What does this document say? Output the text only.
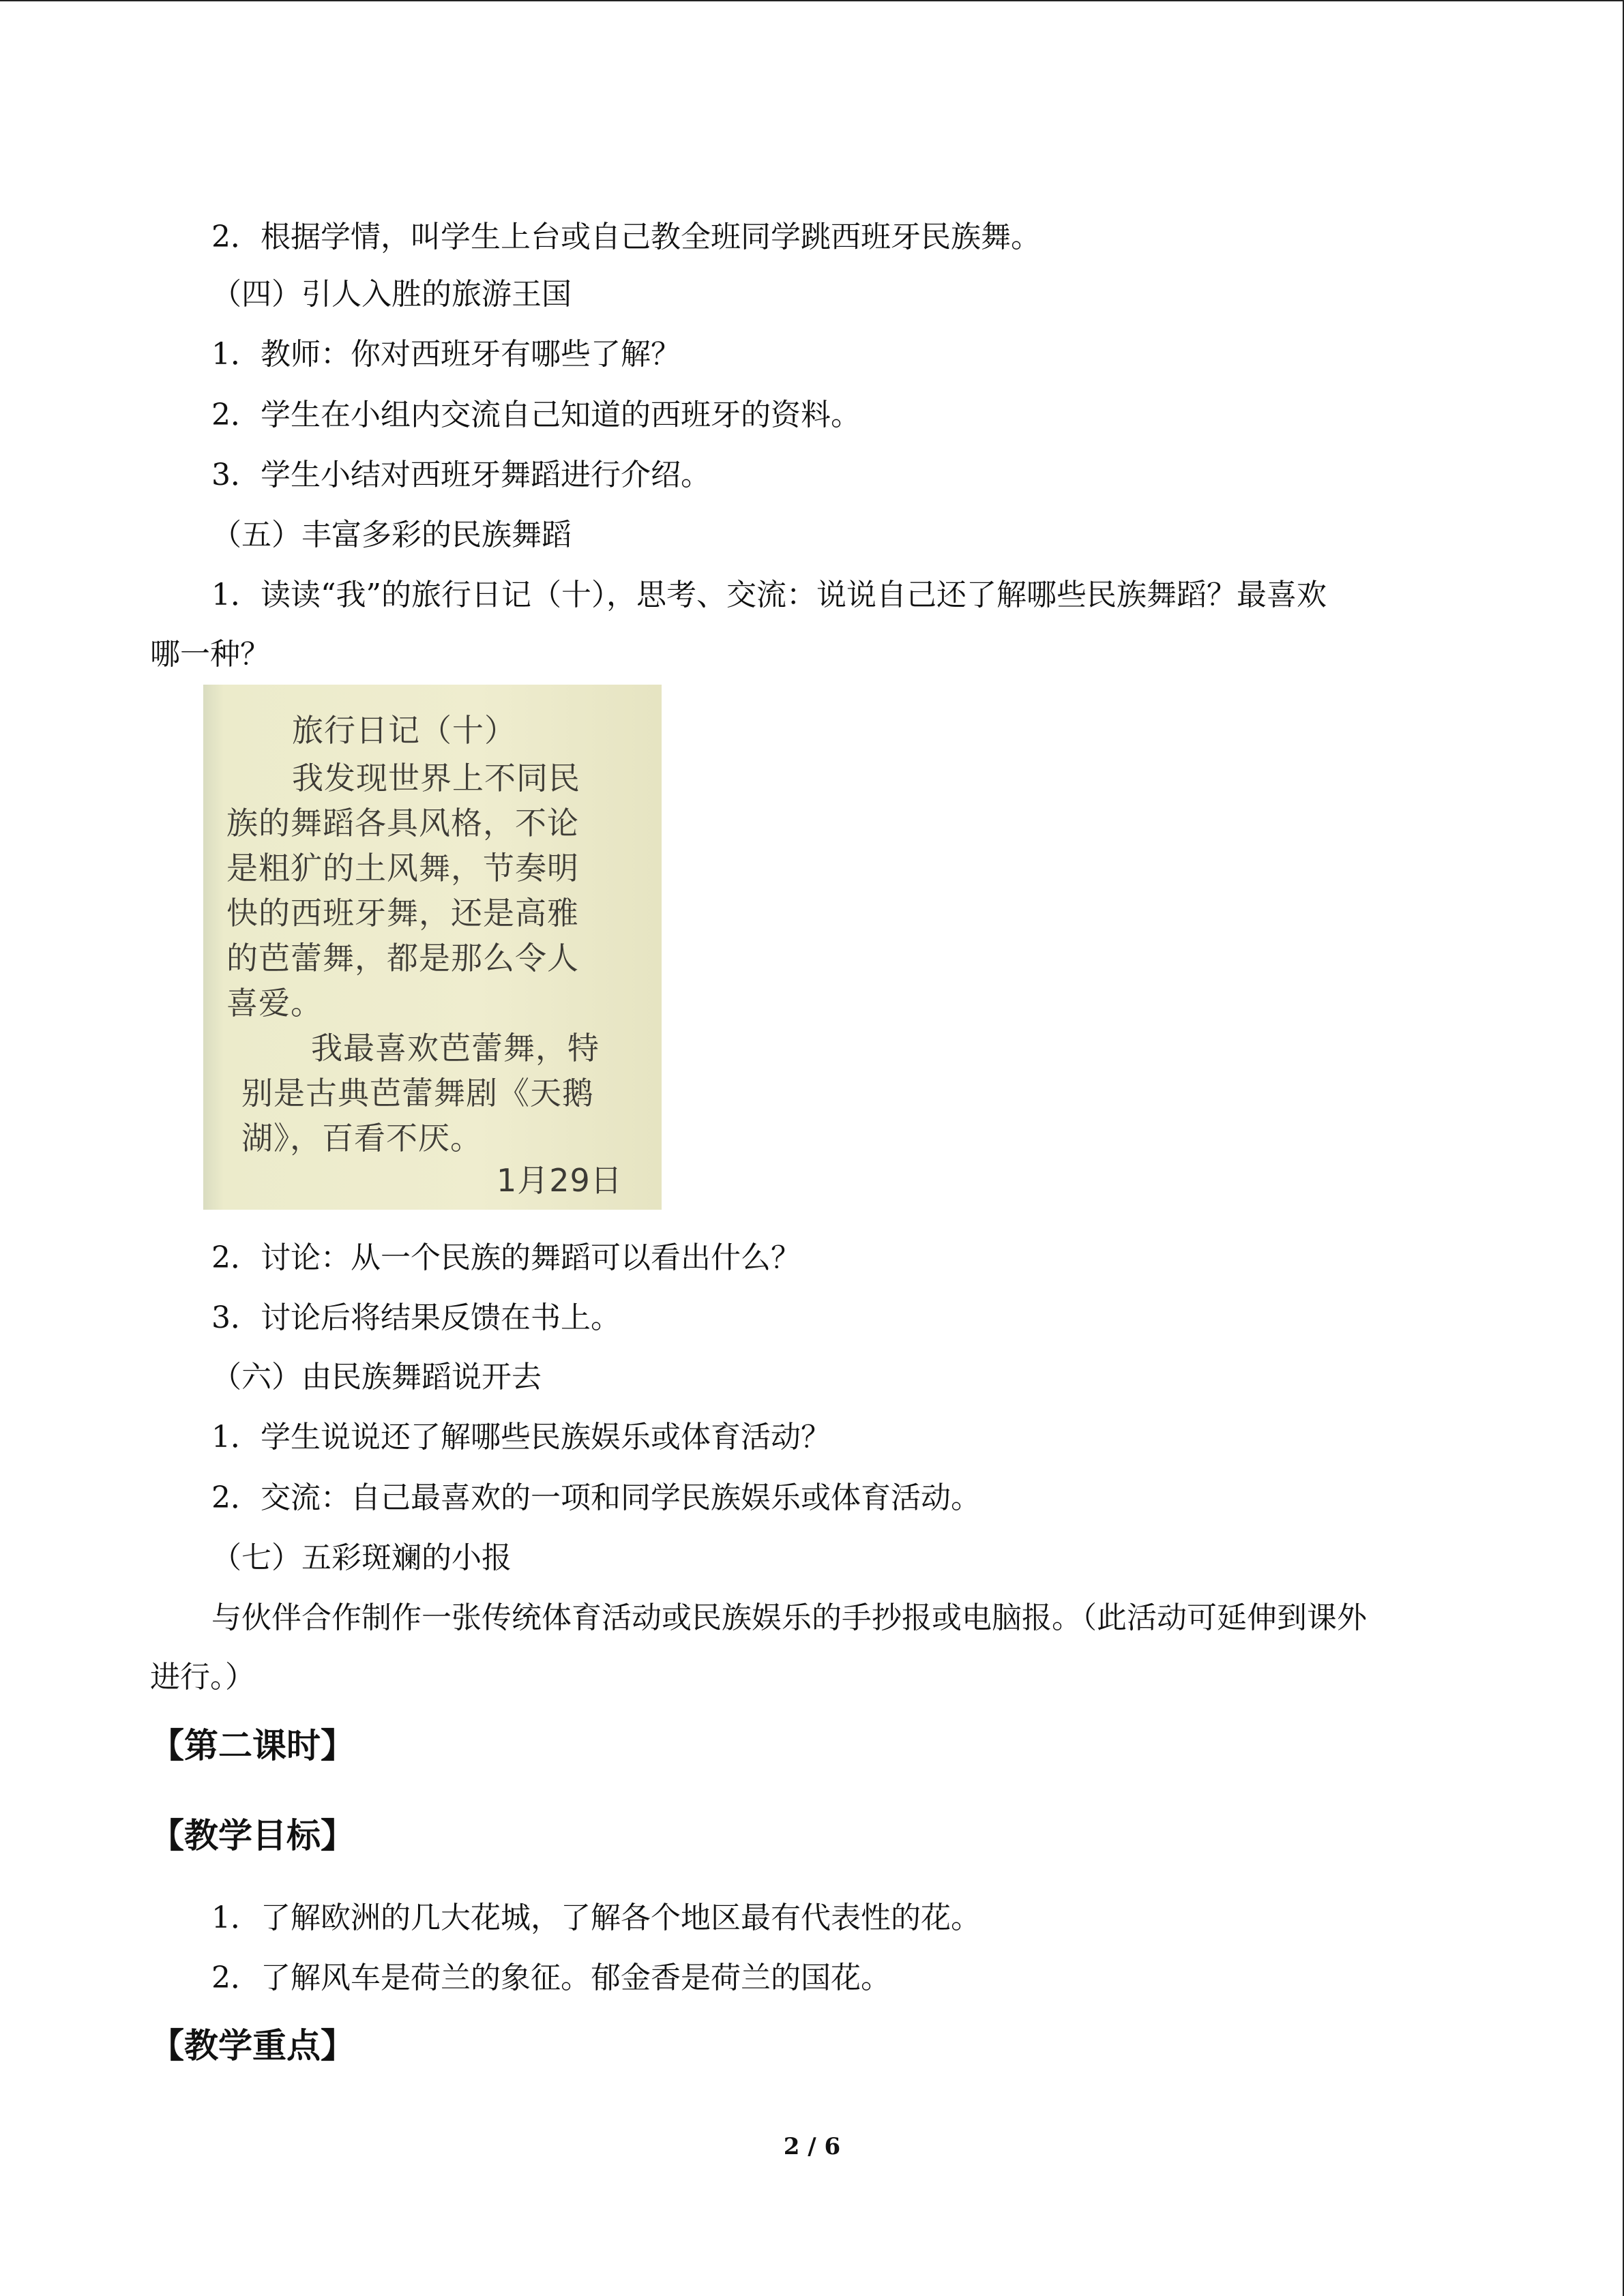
2．根据学情，叫学生上台或自己教全班同学跳西班牙民族舞。
（四）引人入胜的旅游王国
1．教师：你对西班牙有哪些了解？
2．学生在小组内交流自己知道的西班牙的资料。
3．学生小结对西班牙舞蹈进行介绍。
（五）丰富多彩的民族舞蹈
1．读读“我”的旅行日记（十），思考、交流：说说自己还了解哪些民族舞蹈？最喜欢
哪一种？
旅行日记（十）
我发现世界上不同民
族的舞蹈各具风格，不论
是粗犷的土风舞，节奏明
快的西班牙舞，还是高雅
的芭蕾舞，都是那么令人
喜爱。
我最喜欢芭蕾舞，特
别是古典芭蕾舞剧《天鹅
湖》，百看不厌。
1月29日
2．讨论：从一个民族的舞蹈可以看出什么？
3．讨论后将结果反馈在书上。
（六）由民族舞蹈说开去
1．学生说说还了解哪些民族娱乐或体育活动？
2．交流：自己最喜欢的一项和同学民族娱乐或体育活动。
（七）五彩斑斓的小报
与伙伴合作制作一张传统体育活动或民族娱乐的手抄报或电脑报。（此活动可延伸到课外
进行。）
【第二课时】
【教学目标】
1．了解欧洲的几大花城，了解各个地区最有代表性的花。
2．了解风车是荷兰的象征。郁金香是荷兰的国花。
【教学重点】
2 / 6
